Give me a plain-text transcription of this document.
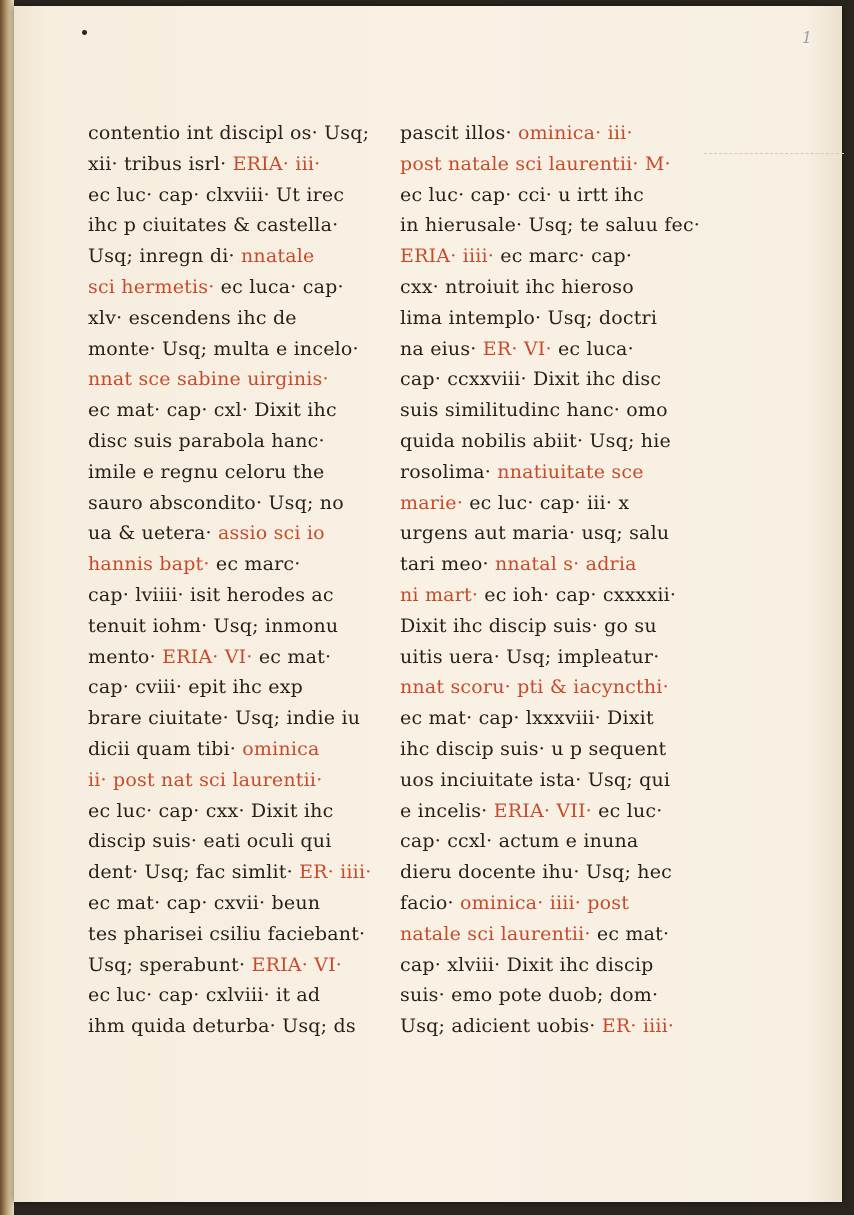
1
contentio int discipl os· Usq;
xii· tribus isrl· ERIA· iii·
ec luc· cap· clxviii· Ut irec
ihc p ciuitates & castella·
Usq; inregn di· nnatale
sci hermetis· ec luca· cap·
xlv· escendens ihc de
monte· Usq; multa e incelo·
nnat sce sabine uirginis·
ec mat· cap· cxl· Dixit ihc
disc suis parabola hanc·
imile e regnu celoru the
sauro abscondito· Usq; no
ua & uetera· assio sci io
hannis bapt· ec marc·
cap· lviiii· isit herodes ac
tenuit iohm· Usq; inmonu
mento· ERIA· VI· ec mat·
cap· cviii· epit ihc exp
brare ciuitate· Usq; indie iu
dicii quam tibi· ominica
ii· post nat sci laurentii·
ec luc· cap· cxx· Dixit ihc
discip suis· eati oculi qui
dent· Usq; fac simlit· ER· iiii·
ec mat· cap· cxvii· beun
tes pharisei csiliu faciebant·
Usq; sperabunt· ERIA· VI·
ec luc· cap· cxlviii· it ad
ihm quida deturba· Usq; ds
pascit illos· ominica· iii·
post natale sci laurentii· M·
ec luc· cap· cci· u irtt ihc
in hierusale· Usq; te saluu fec·
ERIA· iiii· ec marc· cap·
cxx· ntroiuit ihc hieroso
lima intemplo· Usq; doctri
na eius· ER· VI· ec luca·
cap· ccxxviii· Dixit ihc disc
suis similitudinc hanc· omo
quida nobilis abiit· Usq; hie
rosolima· nnatiuitate sce
marie· ec luc· cap· iii· x
urgens aut maria· usq; salu
tari meo· nnatal s· adria
ni mart· ec ioh· cap· cxxxxii·
Dixit ihc discip suis· go su
uitis uera· Usq; impleatur·
nnat scoru· pti & iacyncthi·
ec mat· cap· lxxxviii· Dixit
ihc discip suis· u p sequent
uos inciuitate ista· Usq; qui
e incelis· ERIA· VII· ec luc·
cap· ccxl· actum e inuna
dieru docente ihu· Usq; hec
facio· ominica· iiii· post
natale sci laurentii· ec mat·
cap· xlviii· Dixit ihc discip
suis· emo pote duob; dom·
Usq; adicient uobis· ER· iiii·
